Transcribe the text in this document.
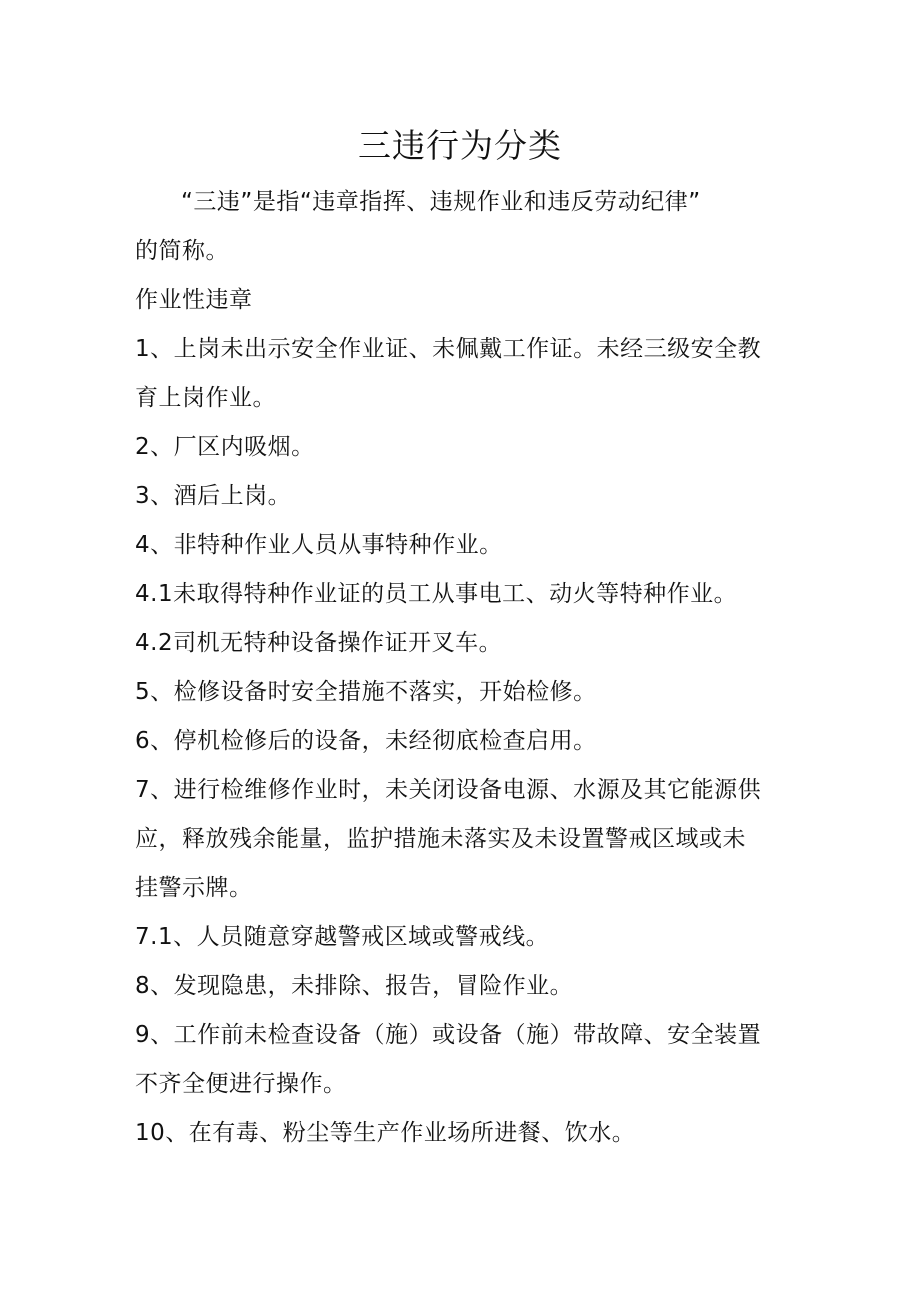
三违行为分类
“三违”是指“违章指挥、违规作业和违反劳动纪律”
的简称。
作业性违章
1、上岗未出示安全作业证、未佩戴工作证。未经三级安全教
育上岗作业。
2、厂区内吸烟。
3、酒后上岗。
4、非特种作业人员从事特种作业。
4.1未取得特种作业证的员工从事电工、动火等特种作业。
4.2司机无特种设备操作证开叉车。
5、检修设备时安全措施不落实，开始检修。
6、停机检修后的设备，未经彻底检查启用。
7、进行检维修作业时，未关闭设备电源、水源及其它能源供
应，释放残余能量，监护措施未落实及未设置警戒区域或未
挂警示牌。
7.1、人员随意穿越警戒区域或警戒线。
8、发现隐患，未排除、报告，冒险作业。
9、工作前未检查设备（施）或设备（施）带故障、安全装置
不齐全便进行操作。
10、在有毒、粉尘等生产作业场所进餐、饮水。
